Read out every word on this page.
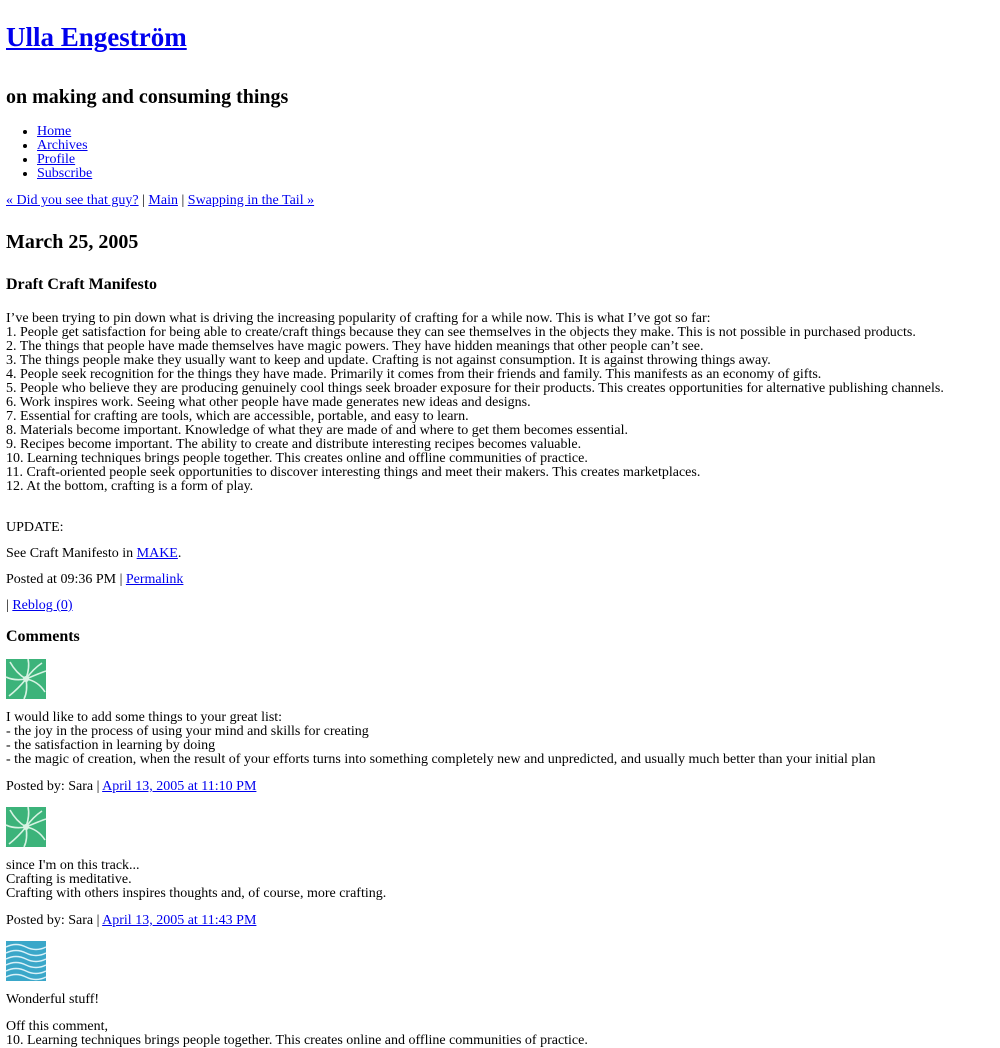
Ulla Engeström
on making and consuming things
• Home
• Archives
• Profile
• Subscribe
« Did you see that guy? | Main | Swapping in the Tail »
March 25, 2005
Draft Craft Manifesto
I’ve been trying to pin down what is driving the increasing popularity of crafting for a while now. This is what I’ve got so far:
1. People get satisfaction for being able to create/craft things because they can see themselves in the objects they make. This is not possible in purchased products.
2. The things that people have made themselves have magic powers. They have hidden meanings that other people can’t see.
3. The things people make they usually want to keep and update. Crafting is not against consumption. It is against throwing things away.
4. People seek recognition for the things they have made. Primarily it comes from their friends and family. This manifests as an economy of gifts.
5. People who believe they are producing genuinely cool things seek broader exposure for their products. This creates opportunities for alternative publishing channels.
6. Work inspires work. Seeing what other people have made generates new ideas and designs.
7. Essential for crafting are tools, which are accessible, portable, and easy to learn.
8. Materials become important. Knowledge of what they are made of and where to get them becomes essential.
9. Recipes become important. The ability to create and distribute interesting recipes becomes valuable.
10. Learning techniques brings people together. This creates online and offline communities of practice.
11. Craft-oriented people seek opportunities to discover interesting things and meet their makers. This creates marketplaces.
12. At the bottom, crafting is a form of play.

UPDATE:

See Craft Manifesto in MAKE.

Posted at 09:36 PM | Permalink

| Reblog (0)

Comments
I would like to add some things to your great list:
- the joy in the process of using your mind and skills for creating
- the satisfaction in learning by doing
- the magic of creation, when the result of your efforts turns into something completely new and unpredicted, and usually much better than your initial plan

Posted by: Sara | April 13, 2005 at 11:10 PM

since I'm on this track...
Crafting is meditative.
Crafting with others inspires thoughts and, of course, more crafting.

Posted by: Sara | April 13, 2005 at 11:43 PM

Wonderful stuff!
Off this comment,
10. Learning techniques brings people together. This creates online and offline communities of practice.
